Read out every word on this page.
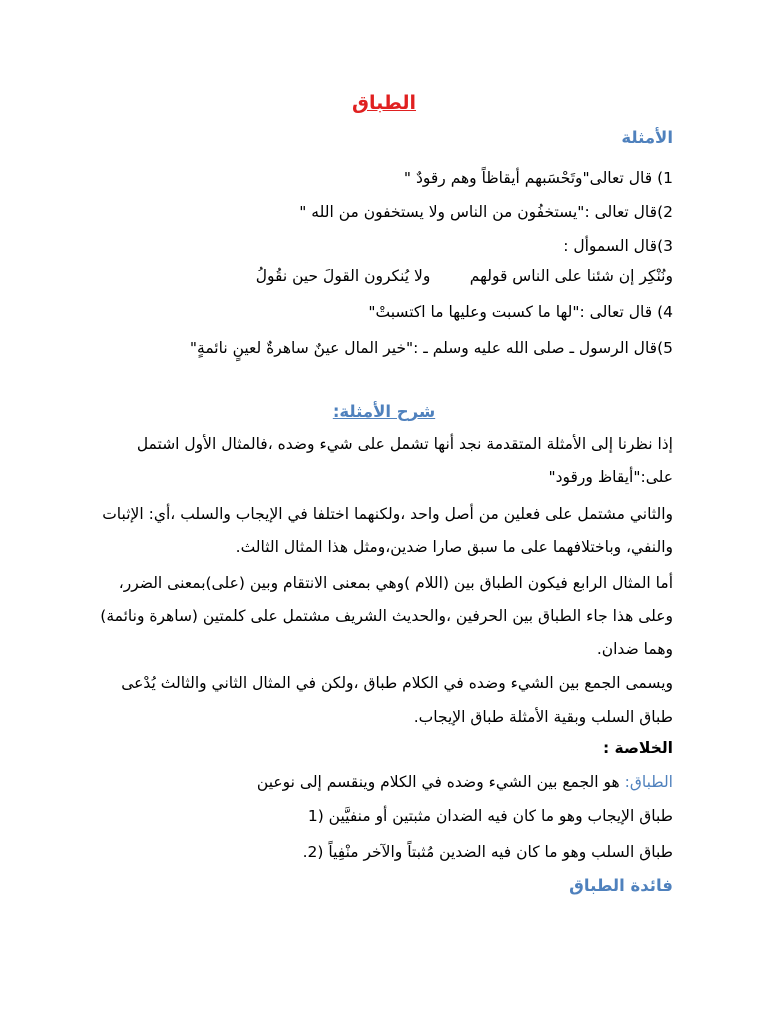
الطباق
الأمثلة
1) قال تعالى"وتَحْسَبهم أيقاظاً وهم رقودٌ "
2)قال تعالى :"يستخفُون من الناس ولا يستخفون من الله "
3)قال السموأل :
ونُنْكِر إن شئنا على الناس قولهم        ولا يُنكرون القولَ حين نقُولُ
4) قال تعالى :"لها ما كسبت وعليها ما اكتسبتْ"
5)قال الرسول ـ صلى الله عليه وسلم ـ :"خير المال عينٌ ساهرةٌ لعينٍ نائمةٍ"
شرح الأمثلة:
إذا نظرنا إلى الأمثلة المتقدمة نجد أنها تشمل على شيء وضده ،فالمثال الأول اشتمل
على:"أيقاظ ورقود"
والثاني مشتمل على فعلين من أصل واحد ،ولكنهما اختلفا في الإيجاب والسلب ،أي: الإثبات
والنفي، وباختلافهما على ما سبق صارا ضدين،ومثل هذا المثال الثالث.
أما المثال الرابع فيكون الطباق بين (اللام )وهي بمعنى الانتقام وبين (على)بمعنى الضرر،
وعلى هذا جاء الطباق بين الحرفين ،والحديث الشريف مشتمل على كلمتين (ساهرة ونائمة)
وهما ضدان.
ويسمى الجمع بين الشيء وضده في الكلام طباق ،ولكن في المثال الثاني والثالث يُدْعى
طباق السلب وبقية الأمثلة طباق الإيجاب.
الخلاصة :
الطباق: هو الجمع بين الشيء وضده في الكلام وينقسم إلى نوعين
طباق الإيجاب وهو ما كان فيه الضدان مثبتين أو منفيَّين (1
طباق السلب وهو ما كان فيه الضدين مُثبتاً والآخر منْفِياً (2.
فائدة الطباق
